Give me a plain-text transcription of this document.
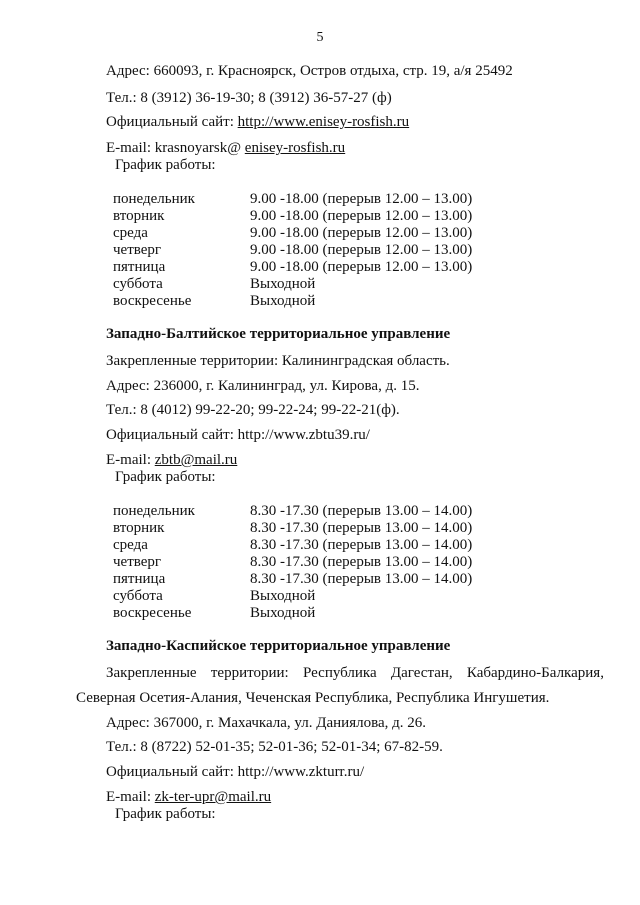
5
Адрес: 660093, г. Красноярск, Остров отдыха, стр. 19, а/я 25492
Тел.: 8 (3912) 36-19-30; 8 (3912) 36-57-27 (ф)
Официальный сайт: http://www.enisey-rosfish.ru
E-mail: krasnoyarsk@ enisey-rosfish.ru
График работы:
понедельник	9.00 -18.00 (перерыв 12.00 – 13.00)
вторник	9.00 -18.00 (перерыв 12.00 – 13.00)
среда	9.00 -18.00 (перерыв 12.00 – 13.00)
четверг	9.00 -18.00 (перерыв 12.00 – 13.00)
пятница	9.00 -18.00 (перерыв 12.00 – 13.00)
суббота	Выходной
воскресенье	Выходной
Западно-Балтийское территориальное управление
Закрепленные территории: Калининградская область.
Адрес: 236000, г. Калининград, ул. Кирова, д. 15.
Тел.: 8 (4012) 99-22-20; 99-22-24; 99-22-21(ф).
Официальный сайт: http://www.zbtu39.ru/
E-mail: zbtb@mail.ru
График работы:
понедельник	8.30 -17.30 (перерыв 13.00 – 14.00)
вторник	8.30 -17.30 (перерыв 13.00 – 14.00)
среда	8.30 -17.30 (перерыв 13.00 – 14.00)
четверг	8.30 -17.30 (перерыв 13.00 – 14.00)
пятница	8.30 -17.30 (перерыв 13.00 – 14.00)
суббота	Выходной
воскресенье	Выходной
Западно-Каспийское территориальное управление
Закрепленные территории: Республика Дагестан, Кабардино-Балкария,
Северная Осетия-Алания, Чеченская Республика, Республика Ингушетия.
Адрес: 367000, г. Махачкала, ул. Даниялова, д. 26.
Тел.: 8 (8722) 52-01-35; 52-01-36; 52-01-34; 67-82-59.
Официальный сайт: http://www.zkturr.ru/
E-mail: zk-ter-upr@mail.ru
График работы:
